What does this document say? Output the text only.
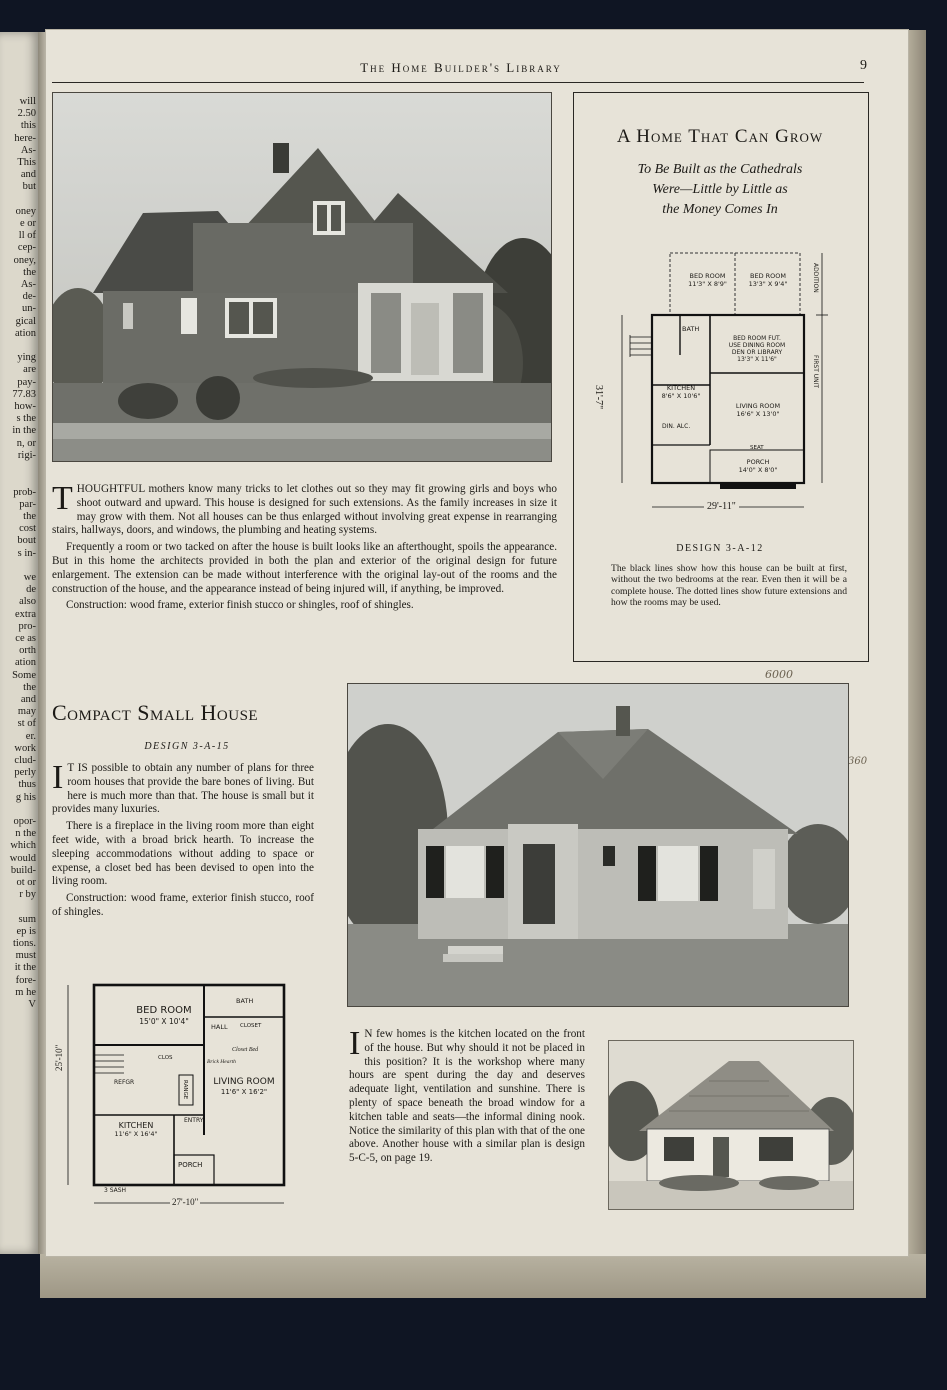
will
2.50
this
here-
As-
This
and
but

oney
e or
ll of
cep-
oney,
the
As-
de-
un-
gical
ation

ying
are
pay-
77.83
how-
s the
in the
n, or
rigi-

prob-
par-
the
cost
bout
s in-

we
de
also
extra
pro-
ce as
orth
ation
Some
the
and
may
st of
er.
work
clud-
perly
thus
g his

opor-
n the
which
would
build-
ot or
r by

sum
ep is
tions.
must
it the
fore-
m he
V
The Home Builder's Library	9
A Home That Can Grow
To Be Built as the Cathedrals
Were—Little by Little as
the Money Comes In
BED ROOM
11'3" X 8'9"
BED ROOM
13'3" X 9'4"	ADDITION
FIRST UNIT
BATH
BED ROOM FUT.
USE DINING ROOM
DEN OR LIBRARY
13'3" X 11'6"
KITCHEN
8'6" X 10'6"
LIVING ROOM
16'6" X 13'0"
DIN. ALC.
SEAT
PORCH
14'0" X 8'0"
31'-7"
29'-11"
DESIGN 3-A-12
The black lines show how this house can be built at first, without the two bedrooms at the rear. Even then it will be a complete house. The dotted lines show future extensions and how the rooms may be used.

THOUGHTFUL mothers know many tricks to let clothes out so they may fit growing girls and boys who shoot outward and upward. This house is designed for such extensions. As the family increases in size it may grow with them. Not all houses can be thus enlarged without involving great expense in rearranging stairs, hallways, doors, and windows, the plumbing and heating systems.

Frequently a room or two tacked on after the house is built looks like an afterthought, spoils the appearance. But in this home the architects provided in both the plan and exterior of the original design for future enlargement. The extension can be made without interference with the original lay-out of the rooms and the construction of the house, and the appearance instead of being injured will, if anything, be improved.

Construction: wood frame, exterior finish stucco or shingles, roof of shingles.

6000
360
Compact Small House
DESIGN 3-A-15

I T IS possible to obtain any number of plans for three room houses that provide the bare bones of living. But here is much more than that. The house is small but it provides many luxuries.

There is a fireplace in the living room more than eight feet wide, with a broad brick hearth. To increase the sleeping accommodations without adding to space or expense, a closet bed has been devised to open into the living room.

Construction: wood frame, exterior finish stucco, roof of shingles.

BED ROOM
15'0" X 10'4"
BATH
HALL CLOSET
Closet Bed
Brick Hearth
LIVING ROOM
11'6" X 16'2"
REFGR
CLOS
RANGE
ENTRY
KITCHEN
11'6" X 16'4"
PORCH
3 SASH
25'-10"
27'-10"

I N few homes is the kitchen located on the front of the house. But why should it not be placed in this position? It is the workshop where many hours are spent during the day and deserves adequate light, ventilation and sunshine. There is plenty of space beneath the broad window for a kitchen table and seats—the informal dining nook. Notice the similarity of this plan with that of the one above. Another house with a similar plan is design 5-C-5, on page 19.
